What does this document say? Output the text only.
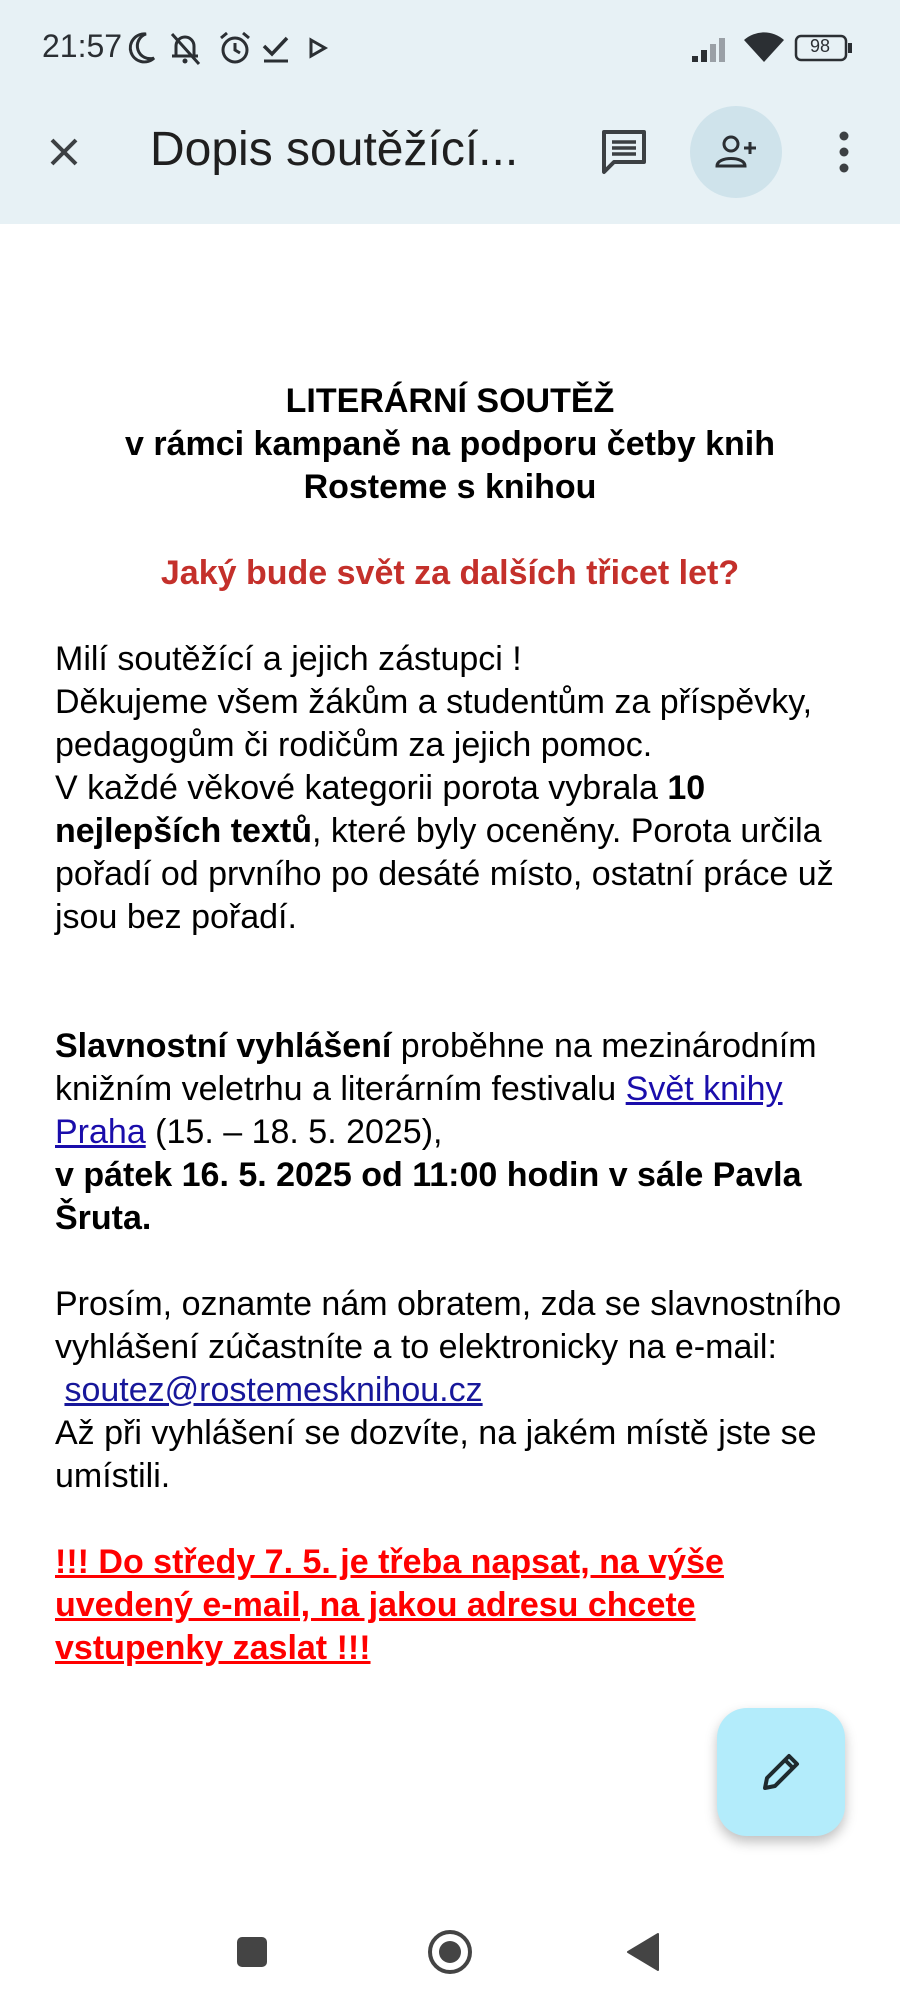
21:57	98
Dopis soutěžící...
LITERÁRNÍ SOUTĚŽ
v rámci kampaně na podporu četby knih
Rosteme s knihou
Jaký bude svět za dalších třicet let?

Milí soutěžící a jejich zástupci !

Děkujeme všem žákům a studentům za příspěvky, pedagogům či rodičům za jejich pomoc.

V každé věkové kategorii porota vybrala 10 nejlepších textů, které byly oceněny. Porota určila pořadí od prvního po desáté místo, ostatní práce už jsou bez pořadí.

Slavnostní vyhlášení proběhne na mezinárodním knižním veletrhu a literárním festivalu Svět knihy Praha (15. – 18. 5. 2025),

v pátek 16. 5. 2025 od 11:00 hodin v sále Pavla Šruta.

Prosím, oznamte nám obratem, zda se slavnostního vyhlášení zúčastníte a to elektronicky na e-mail:

soutez@rostemesknihou.cz

Až při vyhlášení se dozvíte, na jakém místě jste se umístili.

!!! Do středy 7. 5. je třeba napsat, na výše uvedený e-mail, na jakou adresu chcete vstupenky zaslat !!!
